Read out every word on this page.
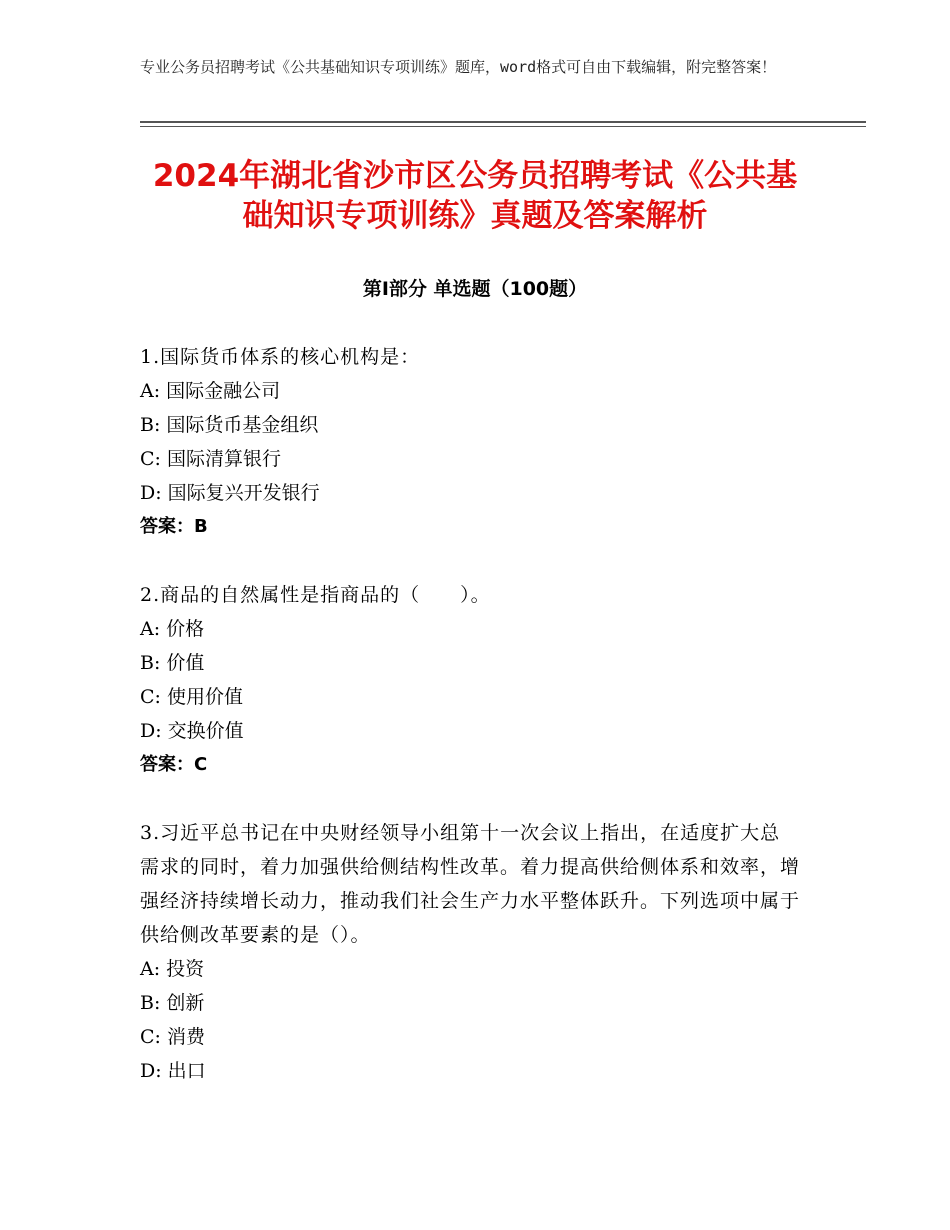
专业公务员招聘考试《公共基础知识专项训练》题库，word格式可自由下载编辑，附完整答案！
2024年湖北省沙市区公务员招聘考试《公共基础知识专项训练》真题及答案解析
第Ⅰ部分 单选题（100题）
1.国际货币体系的核心机构是：
A: 国际金融公司
B: 国际货币基金组织
C: 国际清算银行
D: 国际复兴开发银行
答案：B
2.商品的自然属性是指商品的（　　）。
A: 价格
B: 价值
C: 使用价值
D: 交换价值
答案：C
3.习近平总书记在中央财经领导小组第十一次会议上指出，在适度扩大总需求的同时，着力加强供给侧结构性改革。着力提高供给侧体系和效率，增强经济持续增长动力，推动我们社会生产力水平整体跃升。下列选项中属于供给侧改革要素的是（）。
A: 投资
B: 创新
C: 消费
D: 出口
